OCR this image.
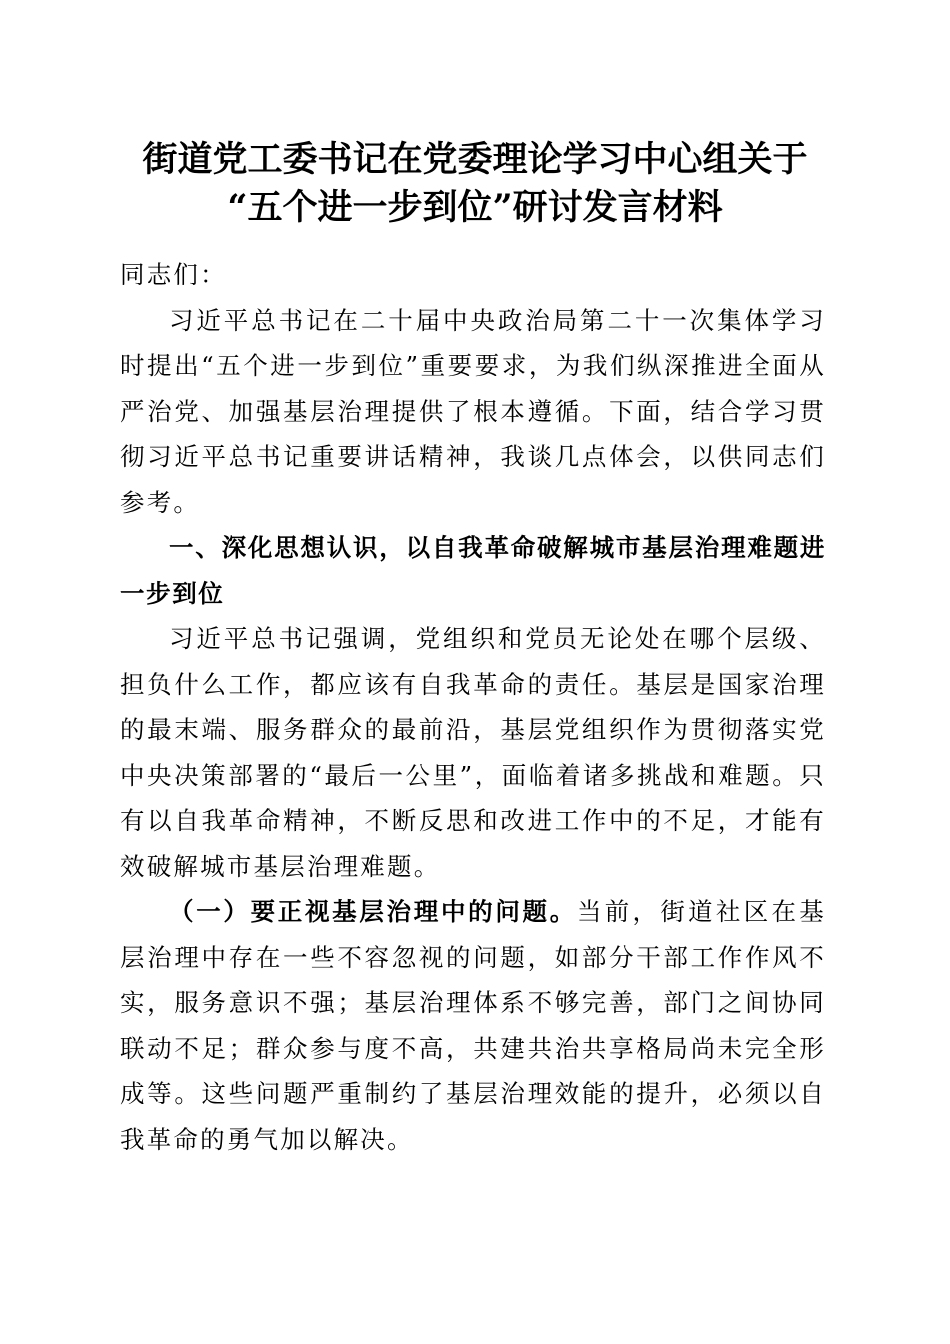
街道党工委书记在党委理论学习中心组关于
“五个进一步到位”研讨发言材料

同志们：

习近平总书记在二十届中央政治局第二十一次集体学习时提出“五个进一步到位”重要要求，为我们纵深推进全面从严治党、加强基层治理提供了根本遵循。下面，结合学习贯彻习近平总书记重要讲话精神，我谈几点体会，以供同志们参考。

一、深化思想认识，以自我革命破解城市基层治理难题进一步到位

习近平总书记强调，党组织和党员无论处在哪个层级、担负什么工作，都应该有自我革命的责任。基层是国家治理的最末端、服务群众的最前沿，基层党组织作为贯彻落实党中央决策部署的“最后一公里”，面临着诸多挑战和难题。只有以自我革命精神，不断反思和改进工作中的不足，才能有效破解城市基层治理难题。

（一）要正视基层治理中的问题。当前，街道社区在基层治理中存在一些不容忽视的问题，如部分干部工作作风不实，服务意识不强；基层治理体系不够完善，部门之间协同联动不足；群众参与度不高，共建共治共享格局尚未完全形成等。这些问题严重制约了基层治理效能的提升，必须以自我革命的勇气加以解决。
